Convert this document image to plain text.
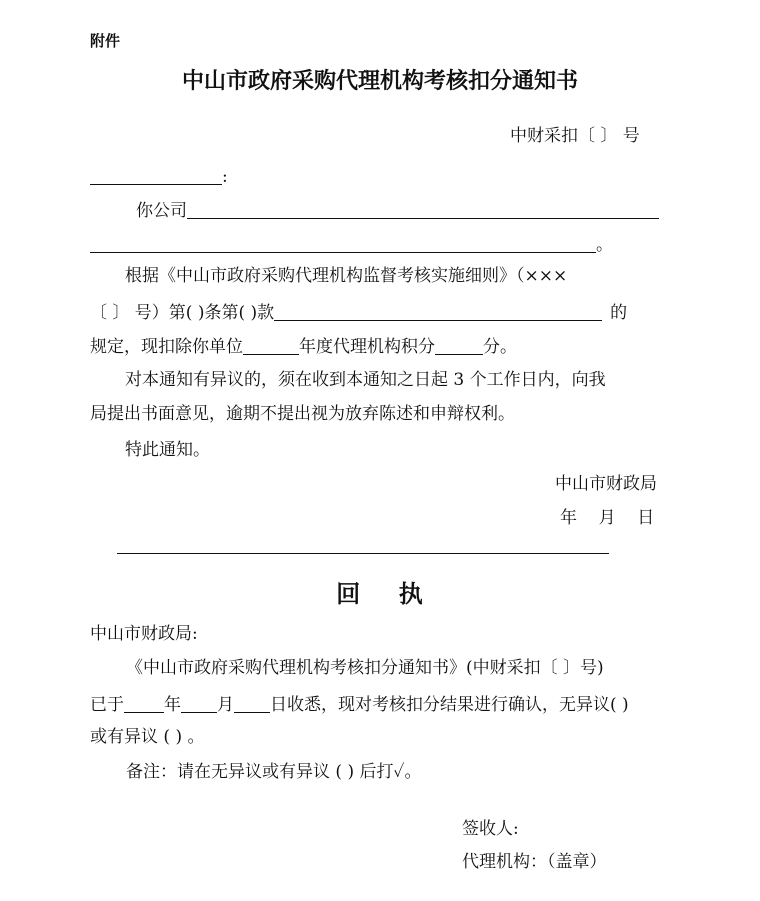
附件
中山市政府采购代理机构考核扣分通知书
中财采扣〔 〕 号
:
你公司
。
根据《中山市政府采购代理机构监督考核实施细则》（×××
〔 〕 号）第( )条第( )款	的
规定，现扣除你单位	年度代理机构积分	分。
对本通知有异议的，须在收到本通知之日起 3 个工作日内，向我
局提出书面意见，逾期不提出视为放弃陈述和申辩权利。
特此通知。
中山市财政局
年    月    日
回    执
中山市财政局:
《中山市政府采购代理机构考核扣分通知书》(中财采扣〔 〕号)
已于 年 月 日收悉，现对考核扣分结果进行确认，无异议( )
或有异议 ( ) 。
备注：请在无异议或有异议 ( ) 后打✓。
签收人:
代理机构：（盖章）
